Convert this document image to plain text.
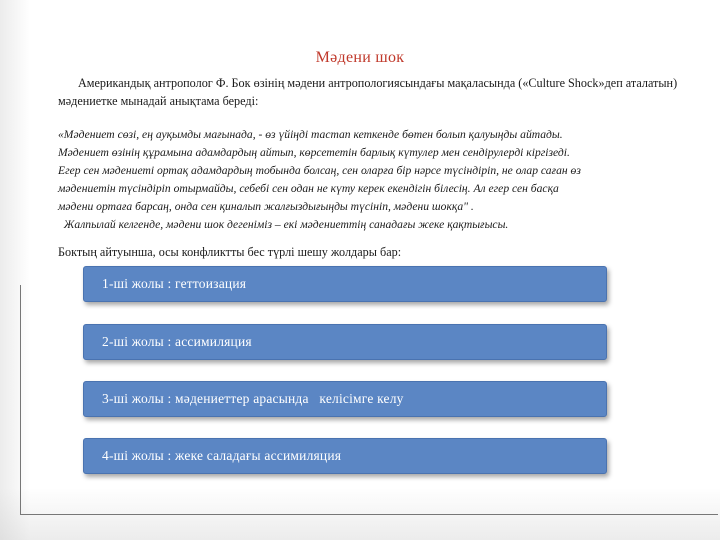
Мәдени шок

Американдық антрополог Ф. Бок өзінің мәдени антропологиясындағы мақаласында («Culture Shock»деп аталатын) мәдениетке мынадай анықтама береді:

«Мәдениет сөзі, ең ауқымды мағынада, - өз үйіңді тастап кеткенде бөтен болып қалуыңды айтады.
Мәдениет өзінің құрамына адамдардың айтып, көрсететін барлық күтулер мен сендірулерді кіргізеді.
Егер сен мәдениеті ортақ адамдардың тобында болсаң, сен оларға бір нәрсе түсіндіріп, не олар саған өз
мәдениетін түсіндіріп отырмайды, себебі сен одан не күту керек екендігін білесің. Ал егер сен басқа
мәдени ортаға барсаң, онда сен қиналып жалғыздығыңды түсініп, мәдени шокқа" .
Жалпылай келгенде, мәдени шок дегеніміз – екі мәдениеттің санадағы жеке қақтығысы.

Боктың айтуынша, осы конфликтты бес түрлі шешу жолдары бар:

1-ші жолы : геттоизация
2-ші жолы : ассимиляция
3-ші жолы : мәдениеттер арасында   келісімге келу
4-ші жолы : жеке саладағы ассимиляция
